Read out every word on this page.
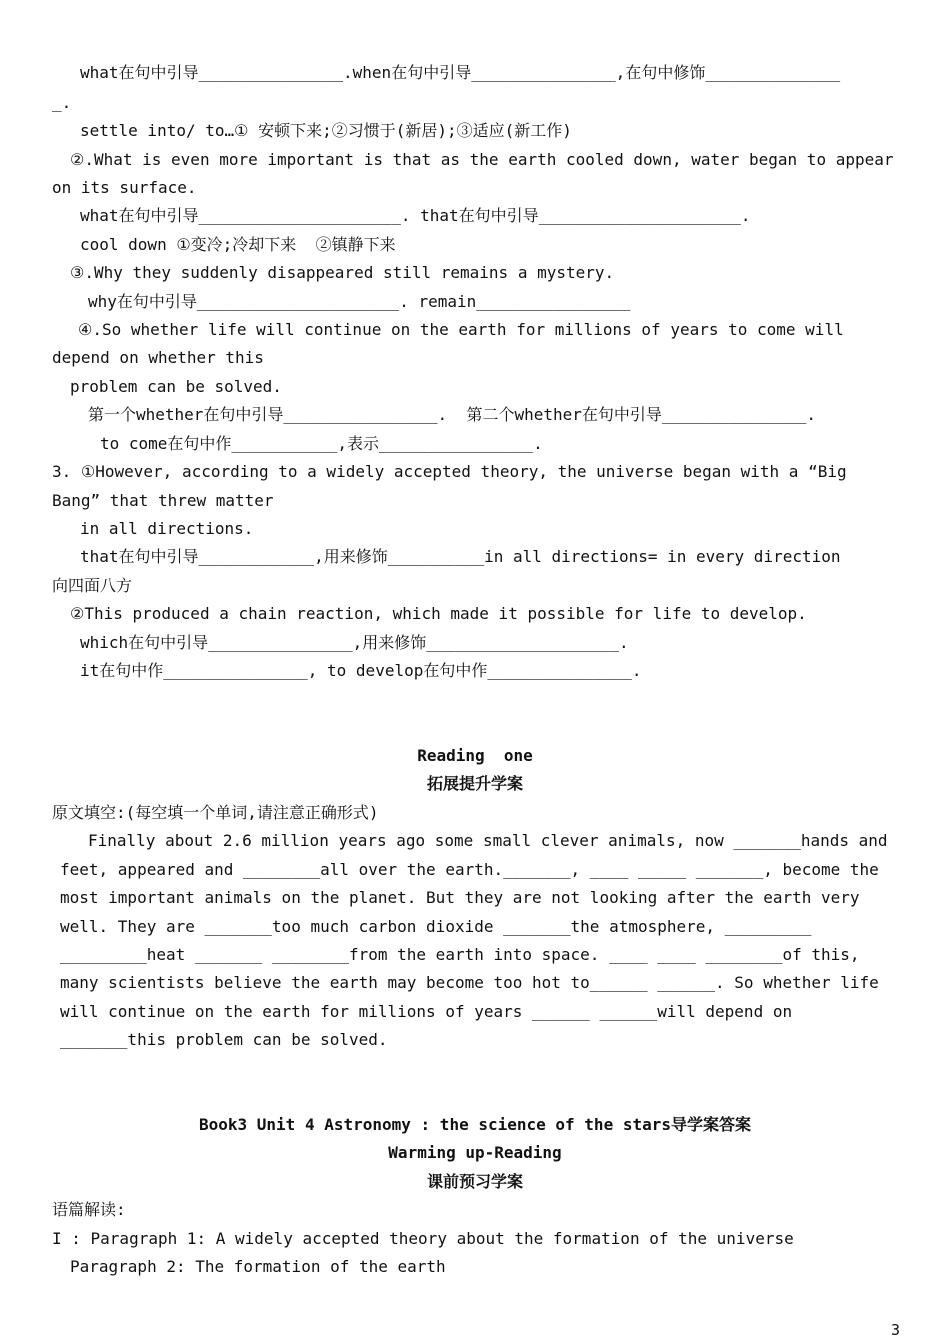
what在句中引导_______________.when在句中引导_______________,在句中修饰______________
_.
settle into/ to…① 安顿下来;②习惯于(新居);③适应(新工作)
②.What is even more important is that as the earth cooled down, water began to appear
on its surface.
what在句中引导_____________________. that在句中引导_____________________.
cool down ①变冷;冷却下来  ②镇静下来
③.Why they suddenly disappeared still remains a mystery.
why在句中引导_____________________. remain________________
④.So whether life will continue on the earth for millions of years to come will
depend on whether this
problem can be solved.
第一个whether在句中引导________________.  第二个whether在句中引导_______________.
to come在句中作___________,表示________________.
3. ①However, according to a widely accepted theory, the universe began with a “Big
Bang” that threw matter
in all directions.
that在句中引导____________,用来修饰__________in all directions= in every direction
向四面八方
②This produced a chain reaction, which made it possible for life to develop.
which在句中引导_______________,用来修饰____________________.
it在句中作_______________, to develop在句中作_______________.
Reading  one
拓展提升学案
原文填空:(每空填一个单词,请注意正确形式)
Finally about 2.6 million years ago some small clever animals, now _______hands and
feet, appeared and ________all over the earth._______, ____ _____ _______, become the
most important animals on the planet. But they are not looking after the earth very
well. They are _______too much carbon dioxide _______the atmosphere, _________
_________heat _______ ________from the earth into space. ____ ____ ________of this,
many scientists believe the earth may become too hot to______ ______. So whether life
will continue on the earth for millions of years ______ ______will depend on
_______this problem can be solved.
Book3 Unit 4 Astronomy : the science of the stars导学案答案
Warming up-Reading
课前预习学案
语篇解读:
I : Paragraph 1: A widely accepted theory about the formation of the universe
Paragraph 2: The formation of the earth
3
